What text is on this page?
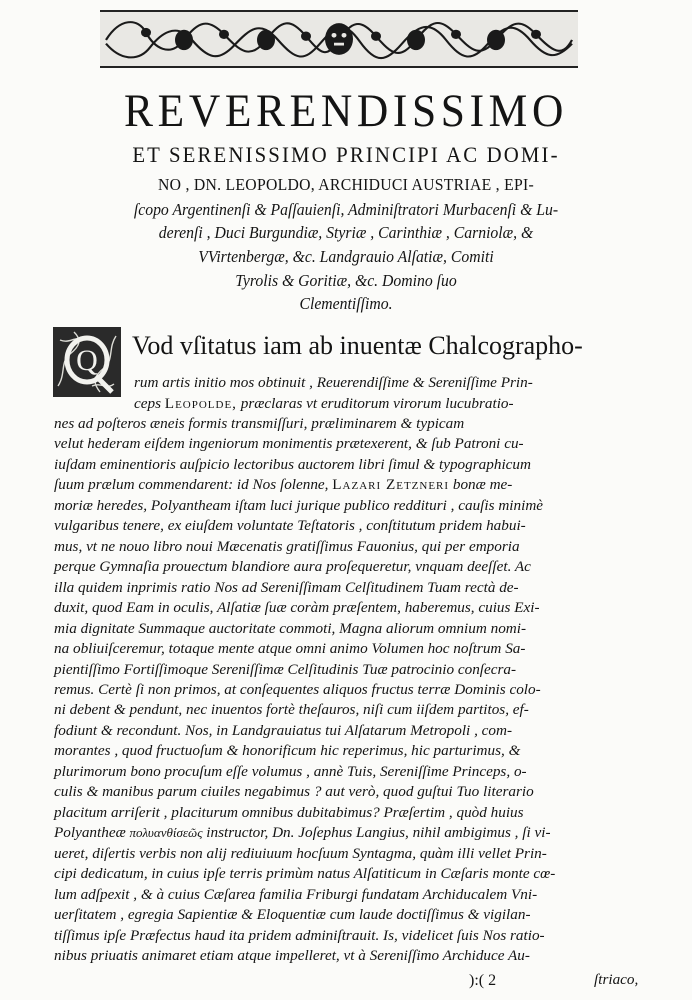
REVERENDISSIMO
ET SERENISSIMO PRINCIPI AC DOMI-
NO , DN. LEOPOLDO, ARCHIDUCI AUSTRIAE , EPI-
ſcopo Argentinenſi & Paſſauienſi, Adminiſtratori Murbacenſi & Lu-
derenſi , Duci Burgundiæ, Styriæ , Carinthiæ , Carniolæ, &
VVirtenbergæ, &c. Landgrauio Alſatiæ, Comiti
Tyrolis & Goritiæ, &c. Domino ſuo
Clementiſſimo.
Q Vod vſitatus iam ab inuentæ Chalcographo-
rum artis initio mos obtinuit , Reuerendiſſime & Sereniſſime Prin-
ceps Leopolde, præclaras vt eruditorum virorum lucubratio-
nes ad poſteros æneis formis transmiſſuri, præliminarem & typicam
velut hederam eiſdem ingeniorum monimentis prætexerent, & ſub Patroni cu-
iuſdam eminentioris auſpicio lectoribus auctorem libri ſimul & typographicum
ſuum prælum commendarent: id Nos ſolenne, Lazari Zetzneri bonæ me-
moriæ heredes, Polyantheam iſtam luci jurique publico reddituri , cauſis minimè
vulgaribus tenere, ex eiuſdem voluntate Teſtatoris , conſtitutum pridem habui-
mus, vt ne nouo libro noui Mæcenatis gratiſſimus Fauonius, qui per emporia
perque Gymnaſia prouectum blandiore aura proſequeretur, vnquam deeſſet. Ac
illa quidem inprimis ratio Nos ad Sereniſſimam Celſitudinem Tuam rectà de-
duxit, quod Eam in oculis, Alſatiæ ſuæ coràm præſentem, haberemus, cuius Exi-
mia dignitate Summaque auctoritate commoti, Magna aliorum omnium nomi-
na obliuiſceremur, totaque mente atque omni animo Volumen hoc noſtrum Sa-
pientiſſimo Fortiſſimoque Sereniſſimæ Celſitudinis Tuæ patrocinio conſecra-
remus. Certè ſi non primos, at conſequentes aliquos fructus terræ Dominis colo-
ni debent & pendunt, nec inuentos fortè theſauros, niſi cum iiſdem partitos, ef-
fodiunt & recondunt. Nos, in Landgrauiatus tui Alſatarum Metropoli , com-
morantes , quod fructuoſum & honorificum hic reperimus, hic parturimus, &
plurimorum bono procuſum eſſe volumus , annè Tuis, Sereniſſime Princeps, o-
culis & manibus parum ciuiles negabimus ? aut verò, quod guſtui Tuo literario
placitum arriſerit , placiturum omnibus dubitabimus? Præſertim , quòd huius
Polyantheæ πολυανθίσεῶς instructor, Dn. Joſephus Langius, nihil ambigimus , ſi vi-
):( 2
ueret, diſertis verbis non alij rediuiuum hocſuum Syntagma, quàm illi vellet Prin-
cipi dedicatum, in cuius ipſe terris primùm natus Alſatiticum in Cæſaris monte cœ-
lum adſpexit , & à cuius Cæſarea familia Friburgi fundatam Archiducalem Vni-
uerſitatem , egregia Sapientiæ & Eloquentiæ cum laude doctiſſimus & vigilan-
tiſſimus ipſe Præfectus haud ita pridem adminiſtrauit. Is, videlicet ſuis Nos ratio-
nibus priuatis animaret etiam atque impelleret, vt à Sereniſſimo Archiduce Au-
ſtriaco,
